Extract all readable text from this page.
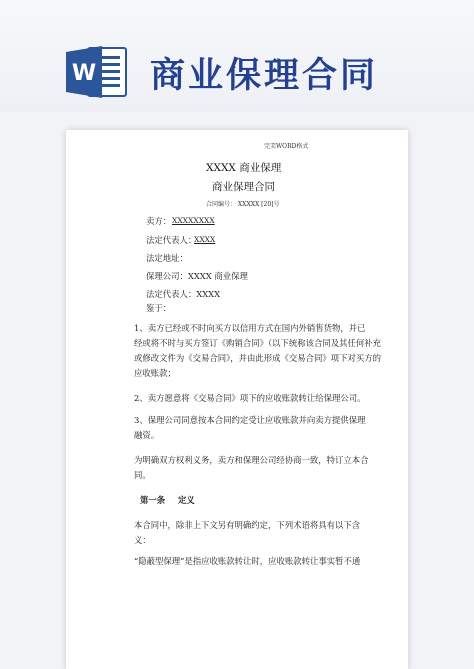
W 商业保理合同
完美WORD格式
XXXX 商业保理
商业保理合同
合同编号： XXXXX [20]号
卖方： XXXXXXXX
法定代表人：
XXXX
法定地址：
保理公司：XXXX 商业保理
法定代表人：XXXX
鉴于：
1、卖方已经或不时向买方以信用方式在国内外销售货物，并已
经或将不时与买方签订《购销合同》（以下统称该合同及其任何补充
或修改文件为《交易合同》，并由此形成《交易合同》项下对买方的
应收账款；
2、卖方愿意将《交易合同》项下的应收账款转让给保理公司。
3、保理公司同意按本合同约定受让应收账款并向卖方提供保理
融资。
为明确双方权利义务，卖方和保理公司经协商一致，特订立本合
同。
第一条 定义
本合同中，除非上下文另有明确约定，下列术语将具有以下含
义：
“隐蔽型保理”是指应收账款转让时，应收账款转让事实暂不通
